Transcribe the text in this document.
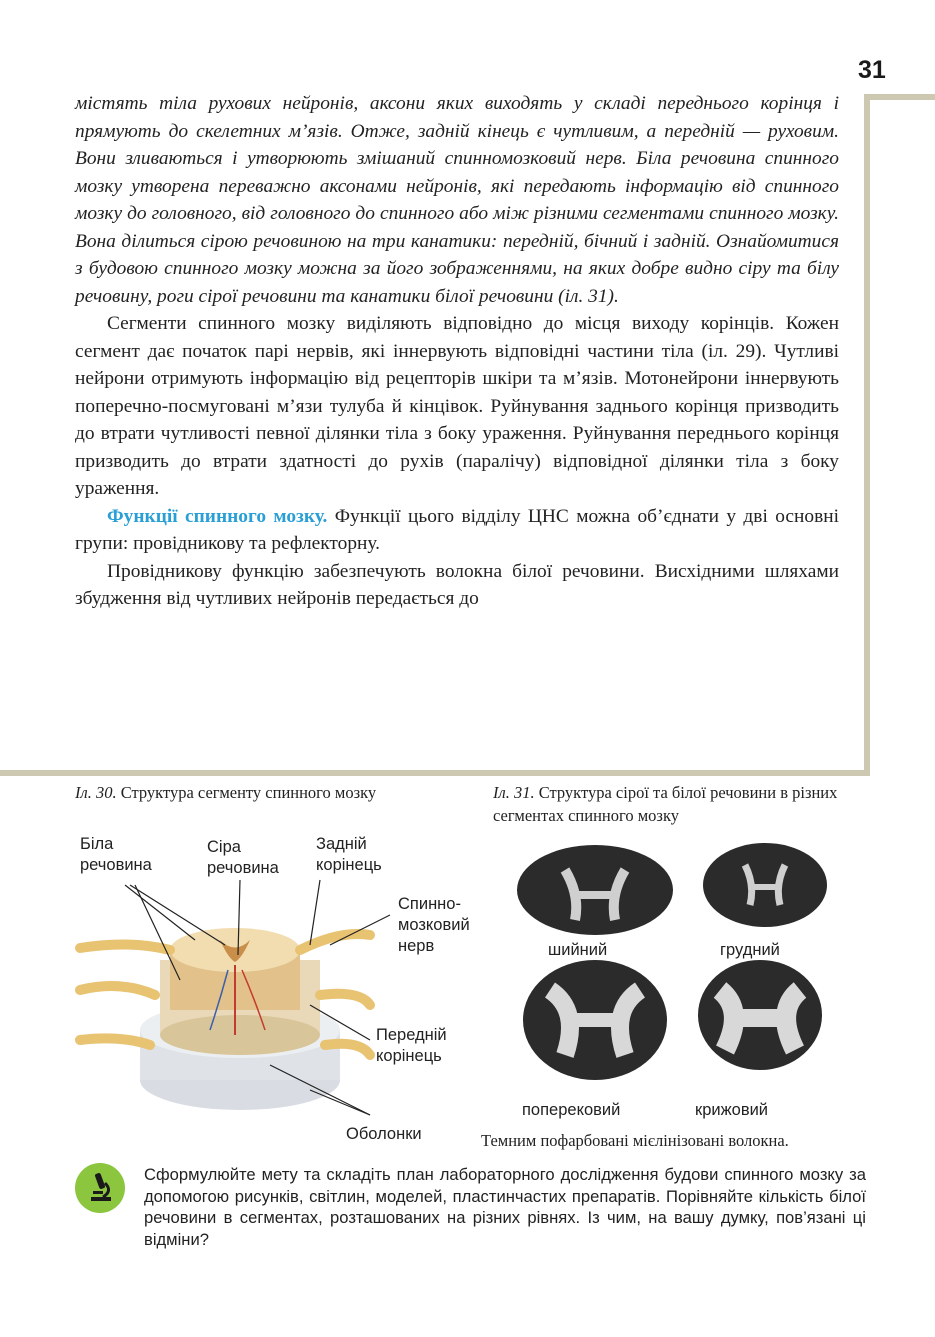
31

містять тіла рухових нейронів, аксони яких виходять у складі переднього корінця і прямують до скелетних м’язів. Отже, задній кінець є чутливим, а передній — руховим. Вони зливаються і утворюють змішаний спинномозковий нерв. Біла речовина спинного мозку утворена переважно аксонами нейронів, які передають інформацію від спинного мозку до головного, від головного до спинного або між різними сегментами спинного мозку. Вона ділиться сірою речовиною на три канатики: передній, бічний і задній. Ознайомитися з будовою спинного мозку можна за його зображеннями, на яких добре видно сіру та білу речовину, роги сірої речовини та канатики білої речовини (іл. 31).

Сегменти спинного мозку виділяють відповідно до місця виходу корінців. Кожен сегмент дає початок парі нервів, які іннервують відповідні частини тіла (іл. 29). Чутливі нейрони отримують інформацію від рецепторів шкіри та м’язів. Мотонейрони іннервують поперечно-посмуговані м’язи тулуба й кінцівок. Руйнування заднього корінця призводить до втрати чутливості певної ділянки тіла з боку ураження. Руйнування переднього корінця призводить до втрати здатності до рухів (паралічу) відповідної ділянки тіла з боку ураження.

Функції спинного мозку. Функції цього відділу ЦНС можна об’єднати у дві основні групи: провідникову та рефлекторну.

Провідникову функцію забезпечують волокна білої речовини. Висхідними шляхами збудження від чутливих нейронів передається до

Іл. 30. Структура сегменту спинного мозку
Біла речовина
Сіра речовина
Задній корінець
Спинно-мозковий нерв
Передній корінець
Оболонки
Іл. 31. Структура сірої та білої речовини в різних сегментах спинного мозку
шийний	грудний
поперековий	крижовий
Темним пофарбовані мієлінізовані волокна.
Сформулюйте мету та складіть план лабораторного дослідження будови спинного мозку за допомогою рисунків, світлин, моделей, пластинчастих препаратів. Порівняйте кількість білої речовини в сегментах, розташованих на різних рівнях. Із чим, на вашу думку, пов’язані ці відміни?
